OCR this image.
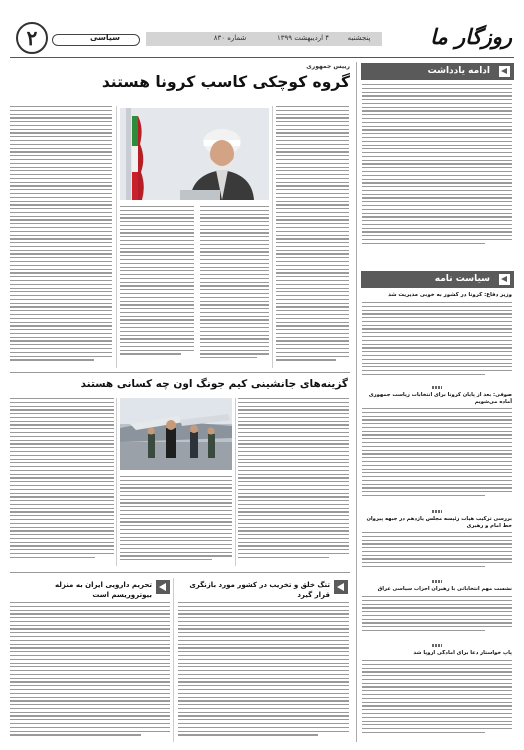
۲	سیاسی	شماره ۸۳۰	۴ اردیبهشت ۱۳۹۹	پنجشنبه	روزگار ما
ادامه یادداشت
سیاست نامه
وزیر دفاع: کرونا در کشور به خوبی مدیریت شد
صوفی: بعد از پایان کرونا برای انتخابات ریاست جمهوری آماده می‌شویم
بررسی ترکیب هیات رئیسه مجلس یازدهم در جبهه پیروان خط امام و رهبری
نشست مهم انتخاباتی با رهبران احزاب سیاسی عراق
پاپ خواستار دعا برای آمادگی اروپا شد
رییس جمهوری
گروه کوچکی کاسب کرونا هستند
گزینه‌های جانشینی کیم جونگ اون چه کسانی هستند
تنگ خلق و تخریب در کشور مورد بازنگری قرار گیرد
تحریم دارویی ایران به منزله بیوتروریسم است
